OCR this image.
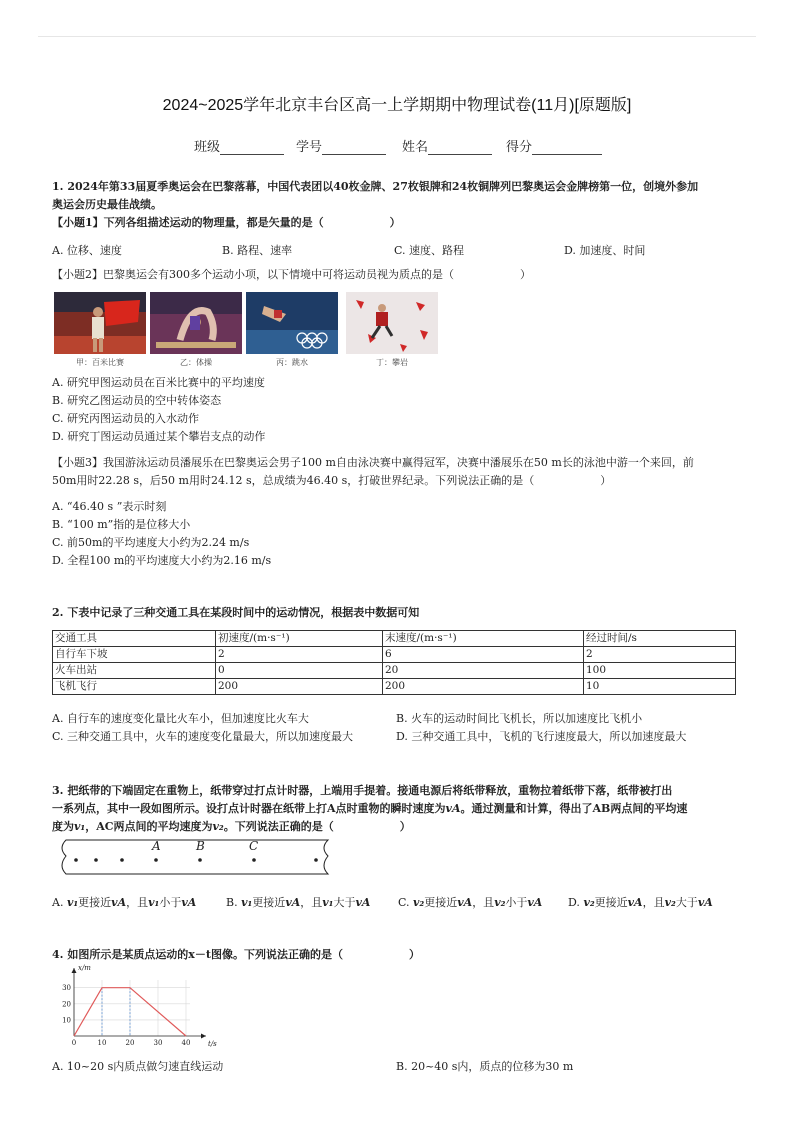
2024~2025学年北京丰台区高一上学期期中物理试卷(11月)[原题版]
班级	学号	姓名	得分
1. 2024年第33届夏季奥运会在巴黎落幕，中国代表团以40枚金牌、27枚银牌和24枚铜牌列巴黎奥运会金牌榜第一位，创境外参加
奥运会历史最佳战绩。
【小题1】下列各组描述运动的物理量，都是矢量的是（　　　　　　）
A. 位移、速度	B. 路程、速率	C. 速度、路程	D. 加速度、时间
【小题2】巴黎奥运会有300多个运动小项，以下情境中可将运动员视为质点的是（　　　　　　）
甲：百米比赛	乙：体操	丙：跳水	丁：攀岩
A. 研究甲图运动员在百米比赛中的平均速度
B. 研究乙图运动员的空中转体姿态
C. 研究丙图运动员的入水动作
D. 研究丁图运动员通过某个攀岩支点的动作
【小题3】我国游泳运动员潘展乐在巴黎奥运会男子100 m自由泳决赛中赢得冠军，决赛中潘展乐在50 m长的泳池中游一个来回，前
50m用时22.28 s，后50 m用时24.12 s，总成绩为46.40 s，打破世界纪录。下列说法正确的是（　　　　　　）
A. “46.40 s ”表示时刻
B. “100 m”指的是位移大小
C. 前50m的平均速度大小约为2.24 m/s
D. 全程100 m的平均速度大小约为2.16 m/s
2. 下表中记录了三种交通工具在某段时间中的运动情况，根据表中数据可知
交通工具	初速度/(m·s⁻¹)	末速度/(m·s⁻¹)	经过时间/s
自行车下坡	2	6	2
火车出站	0	20	100
飞机飞行	200	200	10
A. 自行车的速度变化量比火车小，但加速度比火车大	B. 火车的运动时间比飞机长，所以加速度比飞机小
C. 三种交通工具中，火车的速度变化量最大，所以加速度最大	D. 三种交通工具中，飞机的飞行速度最大，所以加速度最大
3. 把纸带的下端固定在重物上，纸带穿过打点计时器，上端用手提着。接通电源后将纸带释放，重物拉着纸带下落，纸带被打出
一系列点，其中一段如图所示。设打点计时器在纸带上打A点时重物的瞬时速度为vA。通过测量和计算，得出了AB两点间的平均速
度为v₁，AC两点间的平均速度为v₂。下列说法正确的是（　　　　　　）
A	B	C
A. v₁更接近vA，且v₁小于vA	B. v₁更接近vA，且v₁大于vA	C. v₂更接近vA，且v₂小于vA	D. v₂更接近vA，且v₂大于vA
4. 如图所示是某质点运动的x－t图像。下列说法正确的是（　　　　　　）
t/s
x/m
0	10	20	30	40
10
20
30
A. 10~20 s内质点做匀速直线运动	B. 20~40 s内，质点的位移为30 m
